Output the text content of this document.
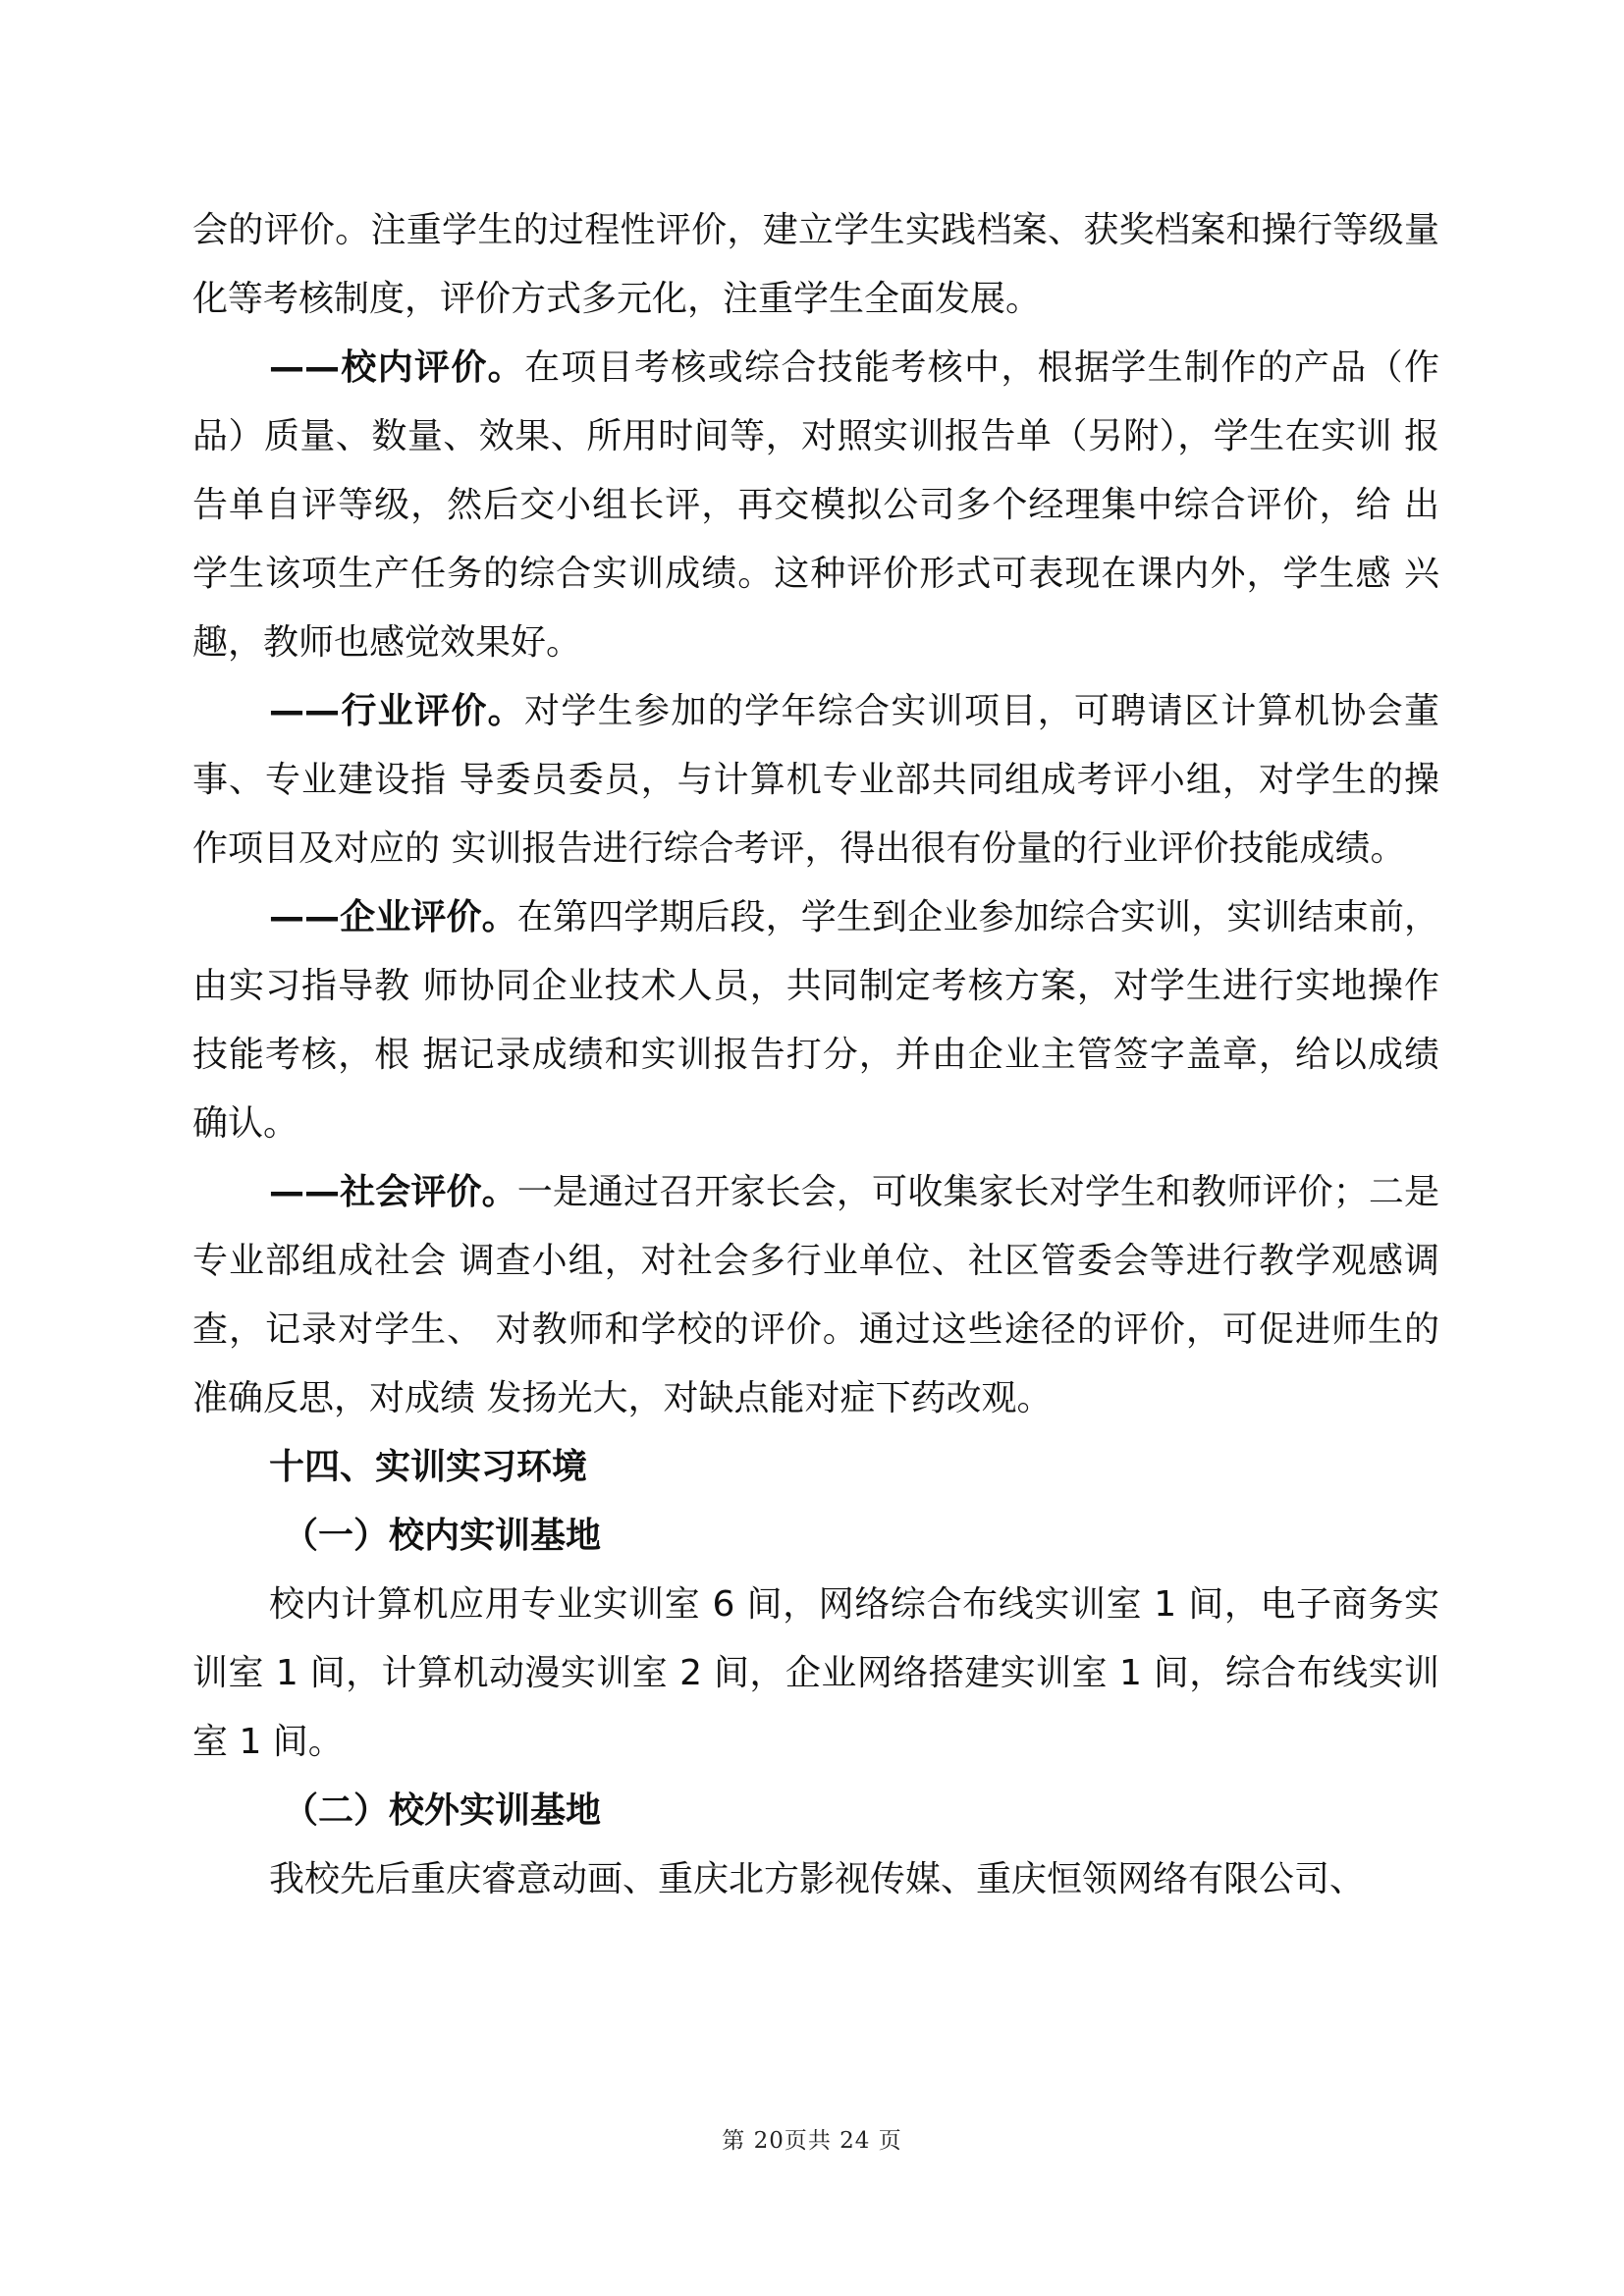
会的评价。注重学生的过程性评价，建立学生实践档案、获奖档案和操行等级量化等考核制度，评价方式多元化，注重学生全面发展。

——校内评价。在项目考核或综合技能考核中，根据学生制作的产品（作 品）质量、数量、效果、所用时间等，对照实训报告单（另附），学生在实训 报告单自评等级，然后交小组长评，再交模拟公司多个经理集中综合评价，给 出学生该项生产任务的综合实训成绩。这种评价形式可表现在课内外，学生感 兴趣，教师也感觉效果好。

——行业评价。对学生参加的学年综合实训项目，可聘请区计算机协会董事、专业建设指 导委员委员，与计算机专业部共同组成考评小组，对学生的操作项目及对应的 实训报告进行综合考评，得出很有份量的行业评价技能成绩。

——企业评价。在第四学期后段，学生到企业参加综合实训，实训结束前，由实习指导教 师协同企业技术人员，共同制定考核方案，对学生进行实地操作技能考核，根 据记录成绩和实训报告打分，并由企业主管签字盖章，给以成绩确认。

——社会评价。一是通过召开家长会，可收集家长对学生和教师评价；二是专业部组成社会 调查小组，对社会多行业单位、社区管委会等进行教学观感调查，记录对学生、 对教师和学校的评价。通过这些途径的评价，可促进师生的准确反思，对成绩 发扬光大，对缺点能对症下药改观。

十四、实训实习环境

（一）校内实训基地

校内计算机应用专业实训室 6 间，网络综合布线实训室 1 间，电子商务实训室 1 间，计算机动漫实训室 2 间，企业网络搭建实训室 1 间，综合布线实训室 1 间。

（二）校外实训基地

我校先后重庆睿意动画、重庆北方影视传媒、重庆恒领网络有限公司、

第 20页共 24 页
